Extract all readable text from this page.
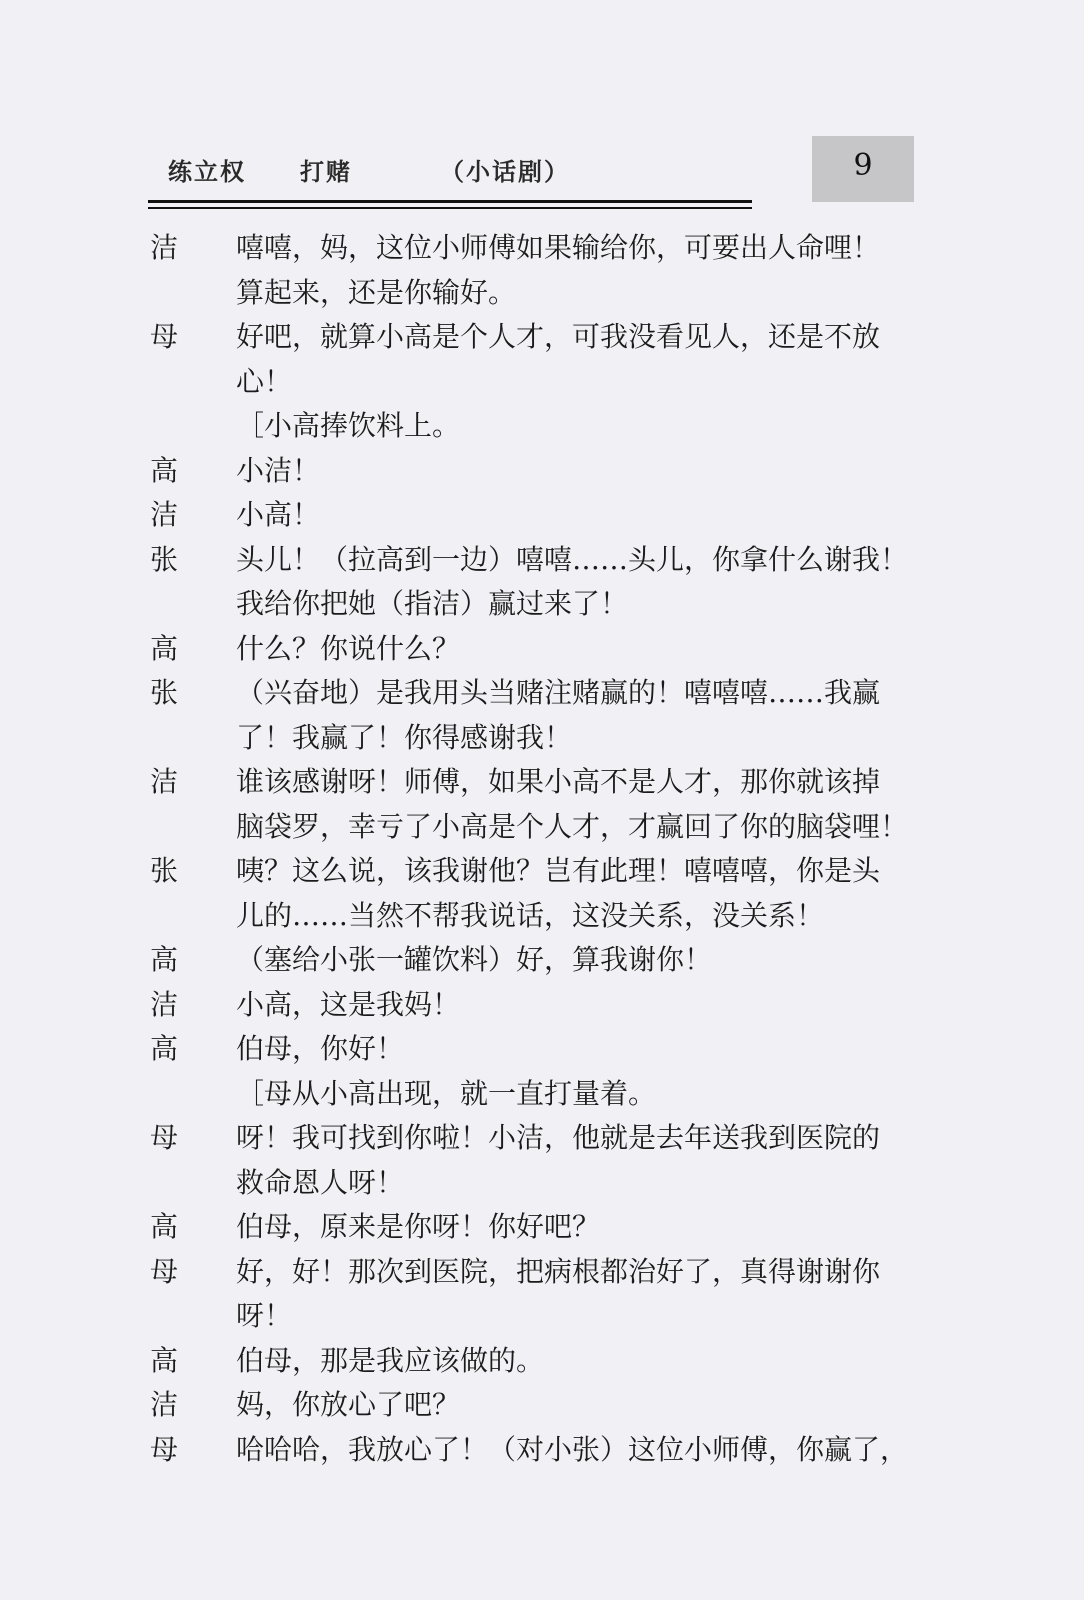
练立权 打赌	（小话剧）	9
洁	嘻嘻，妈，这位小师傅如果输给你，可要出人命哩！
算起来，还是你输好。
母	好吧，就算小高是个人才，可我没看见人，还是不放
心！
［小高捧饮料上。
高	小洁！
洁	小高！
张	头儿！（拉高到一边）嘻嘻……头儿，你拿什么谢我！
我给你把她（指洁）赢过来了！
高	什么？你说什么？
张	（兴奋地）是我用头当赌注赌赢的！嘻嘻嘻……我赢
了！我赢了！你得感谢我！
洁	谁该感谢呀！师傅，如果小高不是人才，那你就该掉
脑袋罗，幸亏了小高是个人才，才赢回了你的脑袋哩！
张	咦？这么说，该我谢他？岂有此理！嘻嘻嘻，你是头
儿的……当然不帮我说话，这没关系，没关系！
高	（塞给小张一罐饮料）好，算我谢你！
洁	小高，这是我妈！
高	伯母，你好！
［母从小高出现，就一直打量着。
母	呀！我可找到你啦！小洁，他就是去年送我到医院的
救命恩人呀！
高	伯母，原来是你呀！你好吧？
母	好，好！那次到医院，把病根都治好了，真得谢谢你
呀！
高	伯母，那是我应该做的。
洁	妈，你放心了吧？
母	哈哈哈，我放心了！（对小张）这位小师傅，你赢了，
